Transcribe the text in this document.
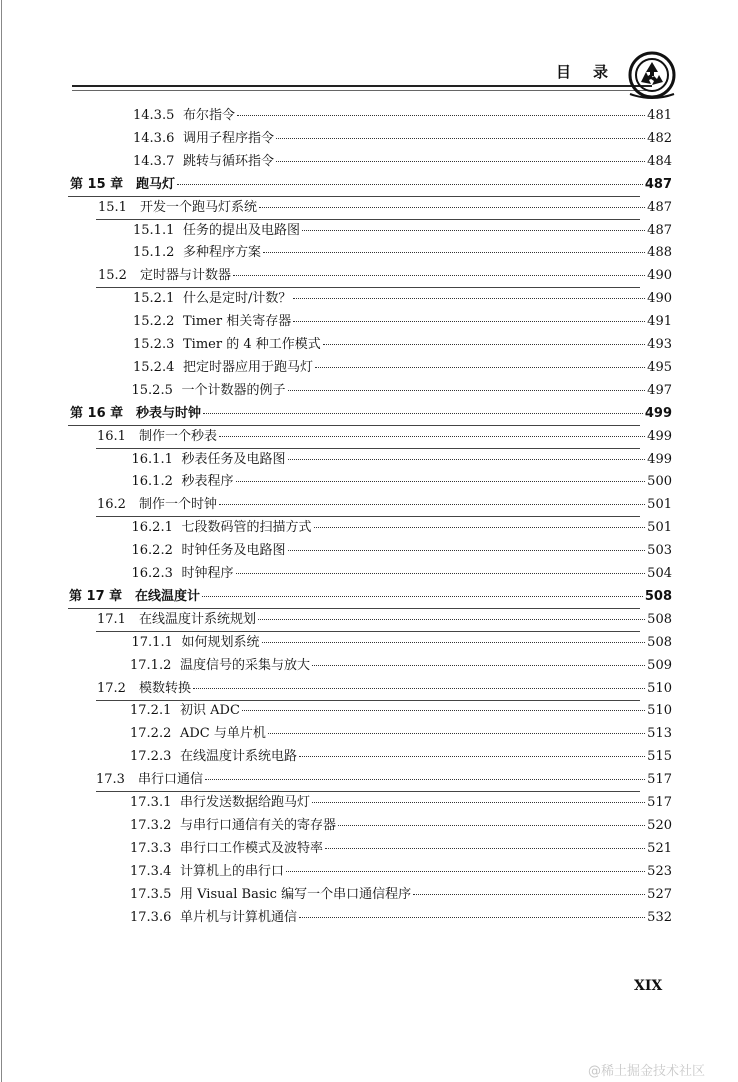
目录
14.3.5 布尔指令	481
14.3.6 调用子程序指令	482
14.3.7 跳转与循环指令	484
第 15 章 跑马灯	487
15.1	开发一个跑马灯系统	487
15.1.1 任务的提出及电路图	487
15.1.2 多种程序方案	488
15.2	定时器与计数器	490
15.2.1 什么是定时/计数？	490
15.2.2 Timer 相关寄存器	491
15.2.3 Timer 的 4 种工作模式	493
15.2.4 把定时器应用于跑马灯	495
15.2.5 一个计数器的例子	497
第 16 章 秒表与时钟	499
16.1	制作一个秒表	499
16.1.1 秒表任务及电路图	499
16.1.2 秒表程序	500
16.2	制作一个时钟	501
16.2.1 七段数码管的扫描方式	501
16.2.2 时钟任务及电路图	503
16.2.3 时钟程序	504
第 17 章 在线温度计	508
17.1	在线温度计系统规划	508
17.1.1 如何规划系统	508
17.1.2 温度信号的采集与放大	509
17.2	模数转换	510
17.2.1 初识 ADC	510
17.2.2 ADC 与单片机	513
17.2.3 在线温度计系统电路	515
17.3	串行口通信	517
17.3.1 串行发送数据给跑马灯	517
17.3.2 与串行口通信有关的寄存器	520
17.3.3 串行口工作模式及波特率	521
17.3.4 计算机上的串行口	523
17.3.5 用 Visual Basic 编写一个串口通信程序	527
17.3.6 单片机与计算机通信	532
XIX
@稀土掘金技术社区
